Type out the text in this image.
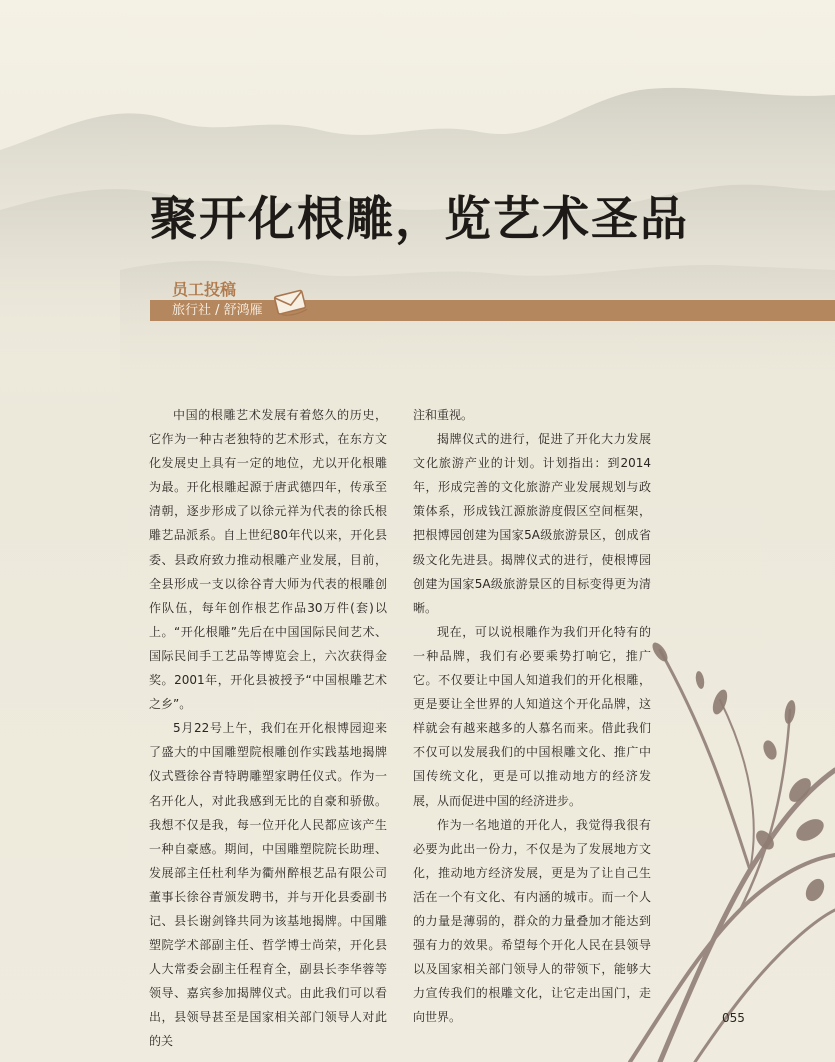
聚开化根雕，览艺术圣品
员工投稿
旅行社 / 舒鸿雁

中国的根雕艺术发展有着悠久的历史，它作为一种古老独特的艺术形式，在东方文化发展史上具有一定的地位，尤以开化根雕为最。开化根雕起源于唐武德四年，传承至清朝，逐步形成了以徐元祥为代表的徐氏根雕艺品派系。自上世纪80年代以来，开化县委、县政府致力推动根雕产业发展，目前，全县形成一支以徐谷青大师为代表的根雕创作队伍，每年创作根艺作品30万件(套)以上。“开化根雕”先后在中国国际民间艺术、国际民间手工艺品等博览会上，六次获得金奖。2001年，开化县被授予“中国根雕艺术之乡”。

5月22号上午，我们在开化根博园迎来了盛大的中国雕塑院根雕创作实践基地揭牌仪式暨徐谷青特聘雕塑家聘任仪式。作为一名开化人，对此我感到无比的自豪和骄傲。我想不仅是我，每一位开化人民都应该产生一种自豪感。期间，中国雕塑院院长助理、发展部主任杜利华为衢州醉根艺品有限公司董事长徐谷青颁发聘书，并与开化县委副书记、县长谢剑锋共同为该基地揭牌。中国雕塑院学术部副主任、哲学博士尚荣，开化县人大常委会副主任程育全，副县长李华蓉等领导、嘉宾参加揭牌仪式。由此我们可以看出，县领导甚至是国家相关部门领导人对此的关

注和重视。

揭牌仪式的进行，促进了开化大力发展文化旅游产业的计划。计划指出：到2014年，形成完善的文化旅游产业发展规划与政策体系，形成钱江源旅游度假区空间框架，把根博园创建为国家5A级旅游景区，创成省级文化先进县。揭牌仪式的进行，使根博园创建为国家5A级旅游景区的目标变得更为清晰。

现在，可以说根雕作为我们开化特有的一种品牌，我们有必要乘势打响它，推广它。不仅要让中国人知道我们的开化根雕，更是要让全世界的人知道这个开化品牌，这样就会有越来越多的人慕名而来。借此我们不仅可以发展我们的中国根雕文化、推广中国传统文化，更是可以推动地方的经济发展，从而促进中国的经济进步。

作为一名地道的开化人，我觉得我很有必要为此出一份力，不仅是为了发展地方文化，推动地方经济发展，更是为了让自己生活在一个有文化、有内涵的城市。而一个人的力量是薄弱的，群众的力量叠加才能达到强有力的效果。希望每个开化人民在县领导以及国家相关部门领导人的带领下，能够大力宣传我们的根雕文化，让它走出国门，走向世界。	055
